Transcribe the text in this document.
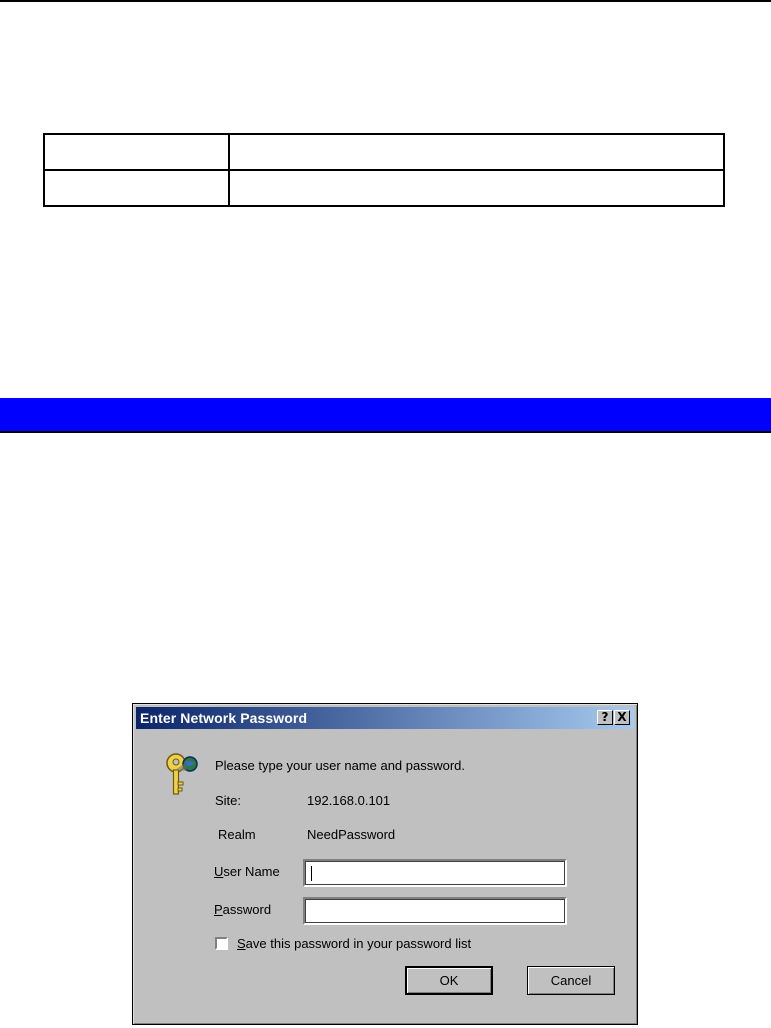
Enter Network Password	? X
Please type your user name and password.
Site:	192.168.0.101
Realm	NeedPassword
User Name
Password
Save this password in your password list
OK	Cancel
